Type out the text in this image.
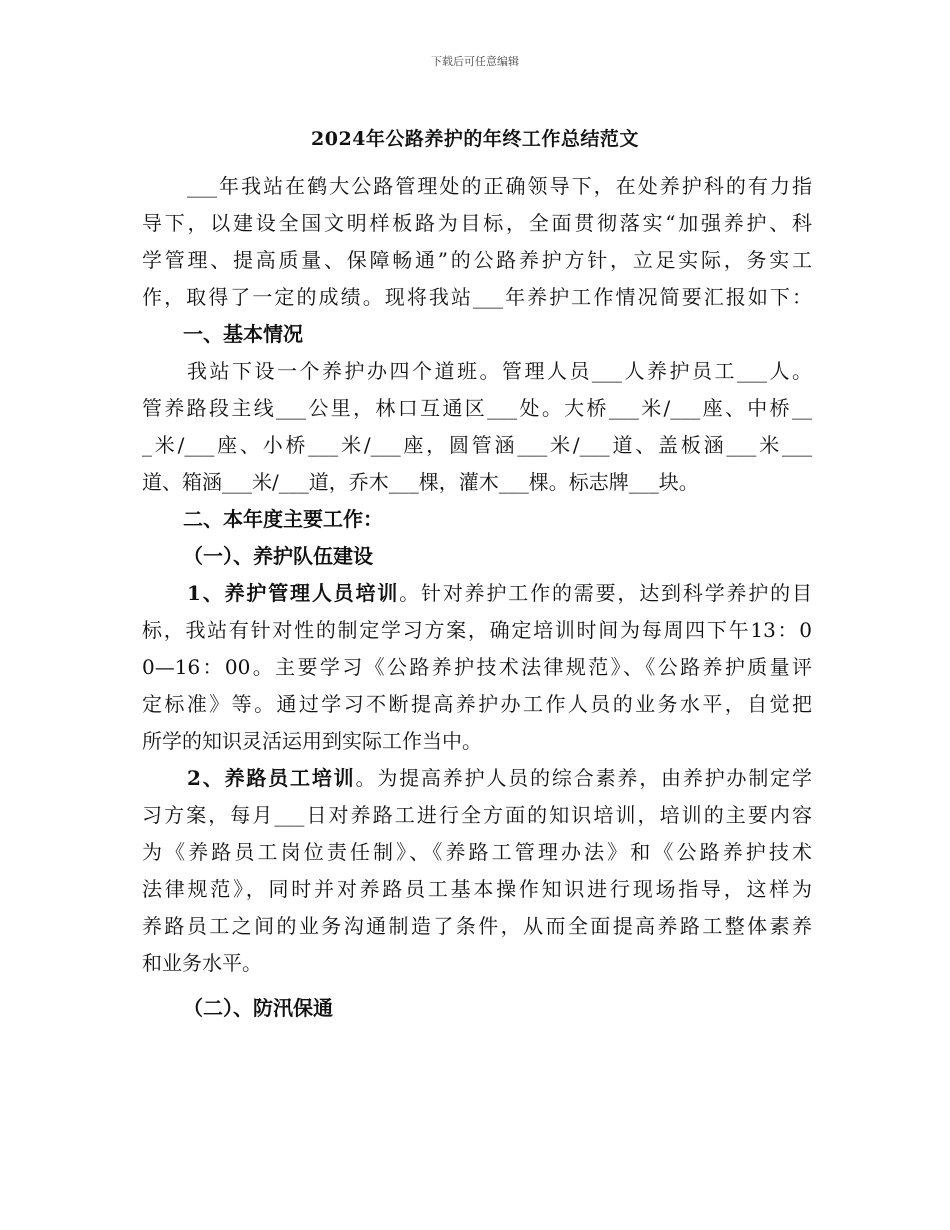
下载后可任意编辑
2024年公路养护的年终工作总结范文
___年我站在鹤大公路管理处的正确领导下，在处养护科的有力指
导下，以建设全国文明样板路为目标，全面贯彻落实“加强养护、科
学管理、提高质量、保障畅通”的公路养护方针，立足实际，务实工
作，取得了一定的成绩。现将我站___年养护工作情况简要汇报如下：
一、基本情况
我站下设一个养护办四个道班。管理人员___人养护员工___人。
管养路段主线___公里，林口互通区___处。大桥___米/___座、中桥__
_米/___座、小桥___米/___座，圆管涵___米/___道、盖板涵___米___
道、箱涵___米/___道，乔木___棵，灌木___棵。标志牌___块。
二、本年度主要工作：
（一）、养护队伍建设
1、养护管理人员培训。针对养护工作的需要，达到科学养护的目
标，我站有针对性的制定学习方案，确定培训时间为每周四下午13：0
0—16：00。主要学习《公路养护技术法律规范》、《公路养护质量评
定标准》等。通过学习不断提高养护办工作人员的业务水平，自觉把
所学的知识灵活运用到实际工作当中。
2、养路员工培训。为提高养护人员的综合素养，由养护办制定学
习方案，每月___日对养路工进行全方面的知识培训，培训的主要内容
为《养路员工岗位责任制》、《养路工管理办法》和《公路养护技术
法律规范》，同时并对养路员工基本操作知识进行现场指导，这样为
养路员工之间的业务沟通制造了条件，从而全面提高养路工整体素养
和业务水平。
（二）、防汛保通
